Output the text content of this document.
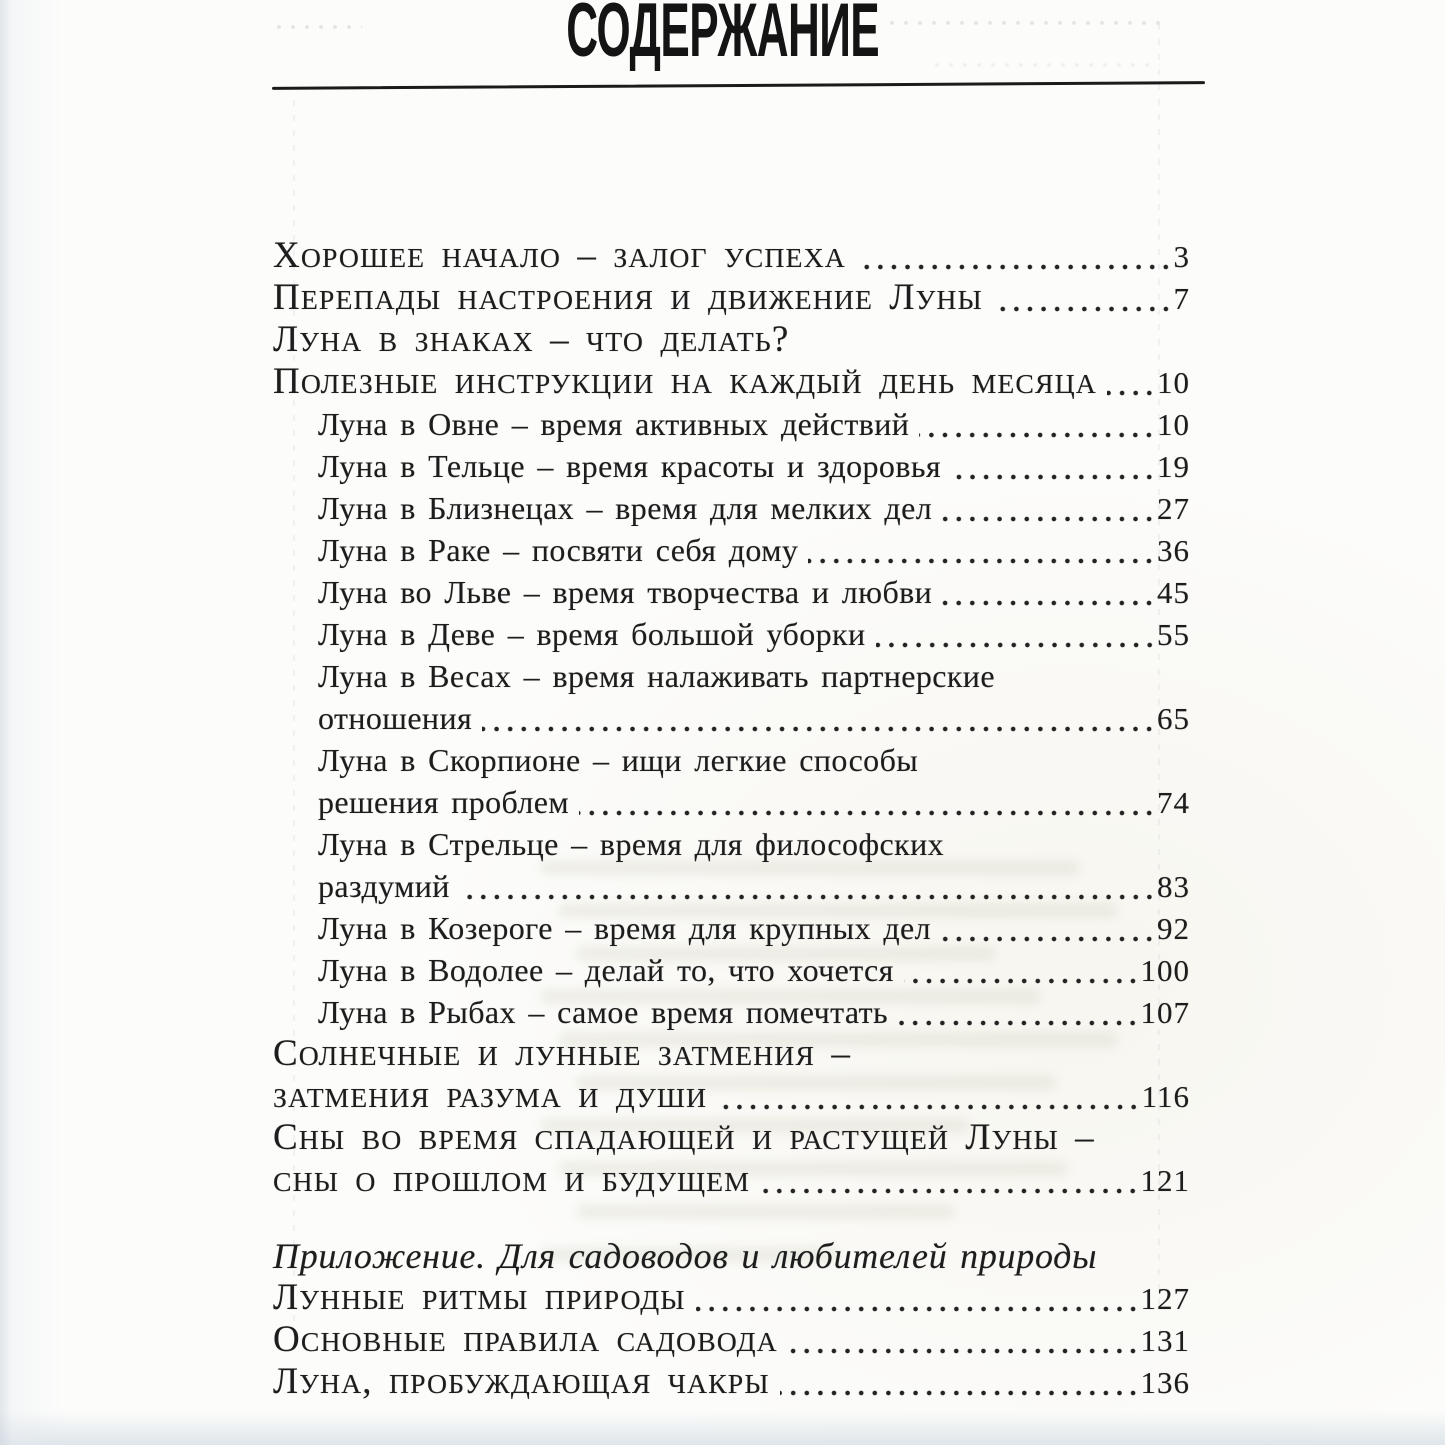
СОДЕРЖАНИЕ
ХОРОШЕЕ НАЧАЛО – ЗАЛОГ УСПЕХА	3
ПЕРЕПАДЫ НАСТРОЕНИЯ И ДВИЖЕНИЕ ЛУНЫ	7
ЛУНА В ЗНАКАХ – ЧТО ДЕЛАТЬ?
ПОЛЕЗНЫЕ ИНСТРУКЦИИ НА КАЖДЫЙ ДЕНЬ МЕСЯЦА 10
Луна в Овне – время активных действий	10
Луна в Тельце – время красоты и здоровья	19
Луна в Близнецах – время для мелких дел	27
Луна в Раке – посвяти себя дому	36
Луна во Льве – время творчества и любви	45
Луна в Деве – время большой уборки	55
Луна в Весах – время налаживать партнерские
отношения	65
Луна в Скорпионе – ищи легкие способы
решения проблем	74
Луна в Стрельце – время для философских
раздумий	83
Луна в Козероге – время для крупных дел	92
Луна в Водолее – делай то, что хочется	100
Луна в Рыбах – самое время помечтать	107
СОЛНЕЧНЫЕ И ЛУННЫЕ ЗАТМЕНИЯ –
ЗАТМЕНИЯ РАЗУМА И ДУШИ	116
СНЫ ВО ВРЕМЯ СПАДАЮЩЕЙ И РАСТУЩЕЙ ЛУНЫ –
СНЫ О ПРОШЛОМ И БУДУЩЕМ	121
Приложение. Для садоводов и любителей природы
ЛУННЫЕ РИТМЫ ПРИРОДЫ	127
ОСНОВНЫЕ ПРАВИЛА САДОВОДА	131
ЛУНА, ПРОБУЖДАЮЩАЯ ЧАКРЫ	136
